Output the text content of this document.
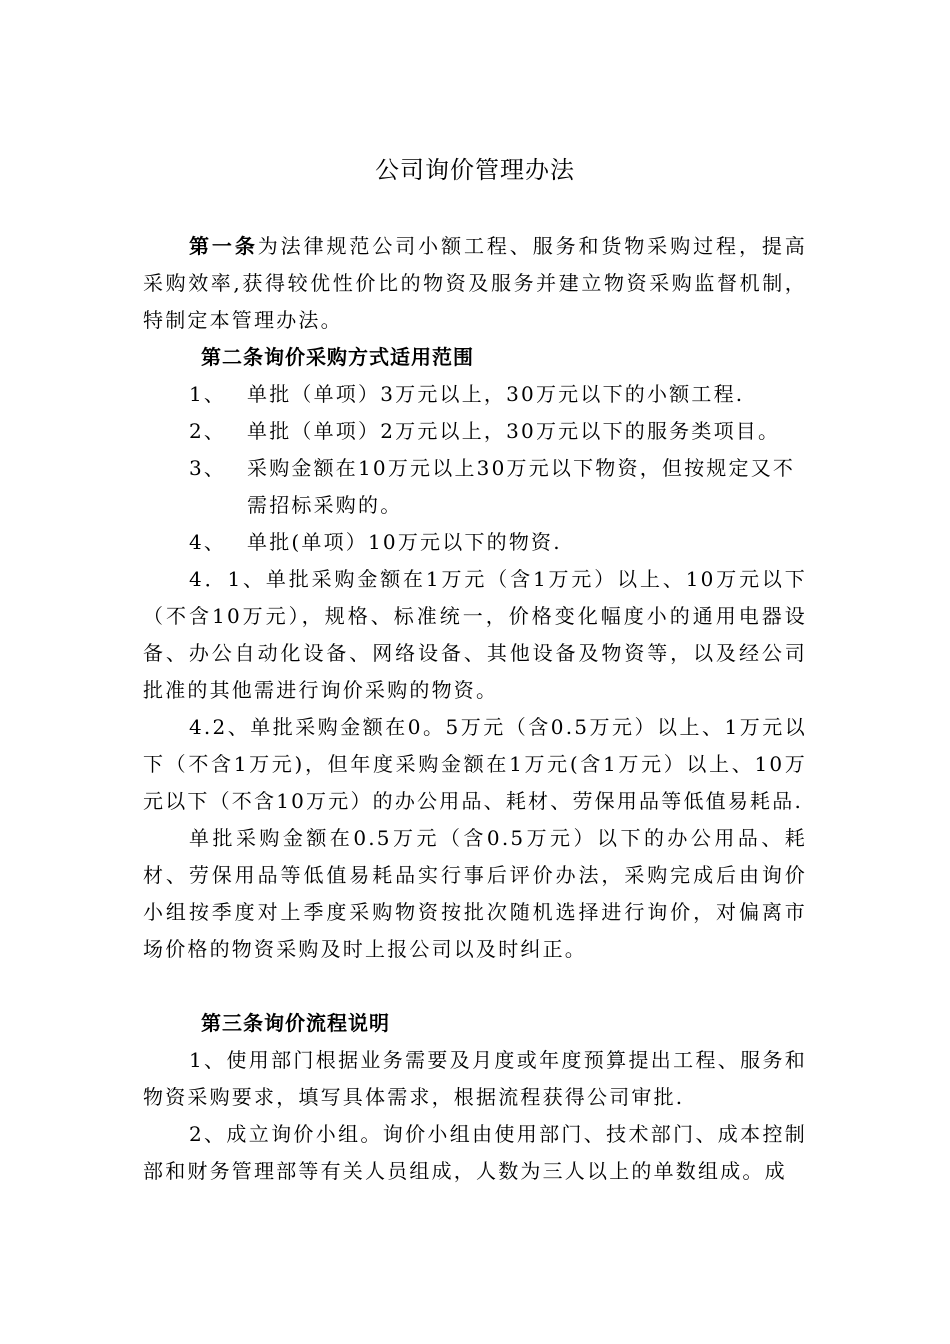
公司询价管理办法

第一条为法律规范公司小额工程、服务和货物采购过程，提高采购效率,获得较优性价比的物资及服务并建立物资采购监督机制，特制定本管理办法。

第二条询价采购方式适用范围

1、	单批（单项）3万元以上，30万元以下的小额工程.
2、	单批（单项）2万元以上，30万元以下的服务类项目。
3、	采购金额在10万元以上30万元以下物资，但按规定又不需招标采购的。
4、	单批(单项）10万元以下的物资.

4．1、单批采购金额在1万元（含1万元）以上、10万元以下（不含10万元），规格、标准统一，价格变化幅度小的通用电器设备、办公自动化设备、网络设备、其他设备及物资等，以及经公司批准的其他需进行询价采购的物资。

4.2、单批采购金额在0。5万元（含0.5万元）以上、1万元以下（不含1万元)，但年度采购金额在1万元(含1万元）以上、10万元以下（不含10万元）的办公用品、耗材、劳保用品等低值易耗品.

单批采购金额在0.5万元（含0.5万元）以下的办公用品、耗材、劳保用品等低值易耗品实行事后评价办法，采购完成后由询价小组按季度对上季度采购物资按批次随机选择进行询价，对偏离市场价格的物资采购及时上报公司以及时纠正。

第三条询价流程说明

1、使用部门根据业务需要及月度或年度预算提出工程、服务和物资采购要求，填写具体需求，根据流程获得公司审批.

2、成立询价小组。询价小组由使用部门、技术部门、成本控制部和财务管理部等有关人员组成，人数为三人以上的单数组成。成
